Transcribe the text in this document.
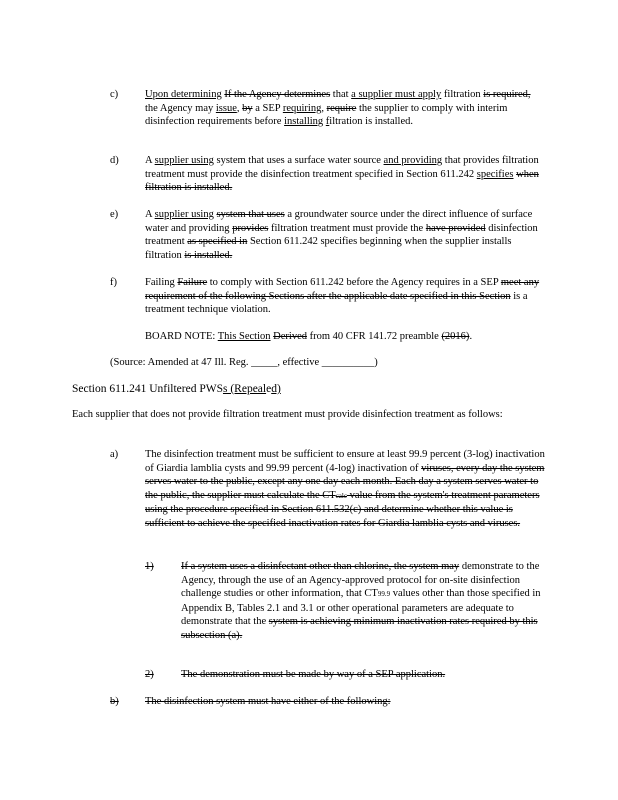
c)	Upon determining If the Agency determines that a supplier must apply filtration is required, the Agency may issue, by a SEP requiring, require the supplier to comply with interim disinfection requirements before installing filtration is installed.
d)	A supplier using system that uses a surface water source and providing that provides filtration treatment must provide the disinfection treatment specified in Section 611.242 specifies when filtration is installed.
e)	A supplier using system that uses a groundwater source under the direct influence of surface water and providing provides filtration treatment must provide the have provided disinfection treatment as specified in Section 611.242 specifies beginning when the supplier installs filtration is installed.
f)	Failing Failure to comply with Section 611.242 before the Agency requires in a SEP meet any requirement of the following Sections after the applicable date specified in this Section is a treatment technique violation.
BOARD NOTE: This Section Derived from 40 CFR 141.72 preamble (2016).
(Source: Amended at 47 Ill. Reg. _____, effective __________)
Section 611.241 Unfiltered PWSs (Repealed)
Each supplier that does not provide filtration treatment must provide disinfection treatment as follows:
a)	The disinfection treatment must be sufficient to ensure at least 99.9 percent (3-log) inactivation of Giardia lamblia cysts and 99.99 percent (4-log) inactivation of viruses, every day the system serves water to the public, except any one day each month. Each day a system serves water to the public, the supplier must calculate the CTcalc value from the system's treatment parameters using the procedure specified in Section 611.532(c) and determine whether this value is sufficient to achieve the specified inactivation rates for Giardia lamblia cysts and viruses.
1)	If a system uses a disinfectant other than chlorine, the system may demonstrate to the Agency, through the use of an Agency-approved protocol for on-site disinfection challenge studies or other information, that CT99.9 values other than those specified in Appendix B, Tables 2.1 and 3.1 or other operational parameters are adequate to demonstrate that the system is achieving minimum inactivation rates required by this subsection (a).
2)	The demonstration must be made by way of a SEP application.
b)	The disinfection system must have either of the following:
